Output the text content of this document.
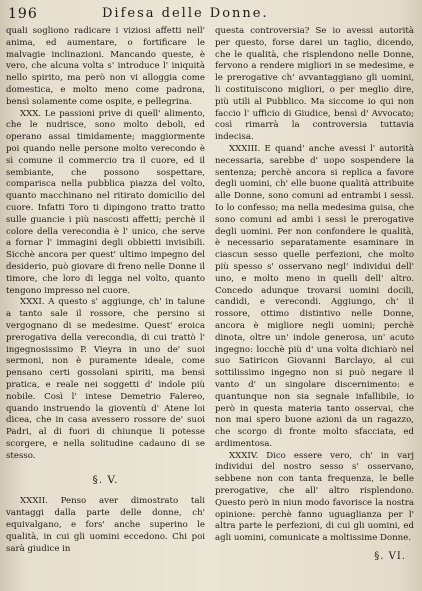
196	Difesa delle Donne.

quali sogliono radicare i viziosi affetti nell' anima, ed aumentare, o fortificare le malvagie inclinazioni. Mancando queste, è vero, che alcuna volta s' introduce l' iniquità nello spirito, ma però non vi alloggia come domestica, e molto meno come padrona, bensì solamente come ospite, e pellegrina.

XXX. Le passioni prive di quell' alimento, che le nudrisce, sono molto deboli, ed operano assai timidamente; maggiormente poi quando nelle persone molto verecondo è sì comune il commercio tra il cuore, ed il sembiante, che possono sospettare, comparisca nella pubblica piazza del volto, quanto macchinano nel ritirato domicilio del cuore. Infatti Toro ti dipingono tratto tratto sulle guancie i più nascosti affetti; perchè il colore della verecondia è l' unico, che serve a fornar l' immagini degli obbietti invisibili. Sicchè ancora per quest' ultimo impegno del desiderio, può giovare di freno nelle Donne il timore, che loro di legga nel volto, quanto tengono impresso nel cuore.

XXXI. A questo s' aggiunge, ch' in talune a tanto sale il rossore, che persino si vergognano di se medesime. Quest' eroica prerogativa della verecondia, di cui trattò l' ingegnosissimo P. Vieyra in uno de' suoi sermoni, non è puramente ideale, come pensano certi gossolani spiriti, ma bensì pratica, e reale nei soggetti d' indole più nobile. Così l' intese Demetrio Falereo, quando instruendo la gioventù d' Atene loi dicea, che in casa avessero rossore de' suoi Padri, al di fuori di chiunque li potesse scorgere, e nella solitudine cadauno di se stesso.

§. V.

XXXII. Penso aver dimostrato tali vantaggi dalla parte delle donne, ch' equivalgano, e fors' anche superino le qualità, in cui gli uomini eccedono. Chi poi sarà giudice in

questa controversia? Se io avessi autorità per questo, forse darei un taglio, dicendo, che le qualità, che risplendono nelle Donne, fervono a rendere migliori in se medesime, e le prerogative ch' avvantaggiano gli uomini, li costituiscono migliori, o per meglio dire, più utili al Pubblico. Ma siccome io qui non faccio l' ufficio di Giudice, bensì d' Avvocato; così rimarrà la controversia tuttavia indecisa.

XXXIII. E quand' anche avessi l' autorità necessaria, sarebbe d' uopo sospendere la sentenza; perchè ancora si replica a favore degli uomini, ch' elle buone qualità attribuite alle Donne, sono comuni ad entrambi i sessi. Io lo confesso; ma nella medesima guisa, che sono comuni ad ambi i sessi le prerogative degli uomini. Per non confondere le qualità, è necessario separatamente esaminare in ciascun sesso quelle perfezioni, che molto più spesso s' osservano negl' individui dell' uno, e molto meno in quelli dell' altro. Concedo adunque trovarsi uomini docili, candidi, e verecondi. Aggiungo, ch' il rossore, ottimo distintivo nelle Donne, ancora è migliore negli uomini; perchè dinota, oltre un' indole generosa, un' acuto ingegno: locchè più d' una volta dichiarò nel suo Satiricon Giovanni Barclayo, al cui sottilissimo ingegno non si può negare il vanto d' un singolare discernimento: e quantunque non sia segnale infallibile, io però in questa materia tanto osservai, che non mai spero buone azioni da un ragazzo, che scorgo di fronte molto sfacciata, ed ardimentosa.

XXXIV. Dico essere vero, ch' in varj individui del nostro sesso s' osservano, sebbene non con tanta frequenza, le belle prerogative, che all' altro risplendono. Questo però in niun modo favorisce la nostra opinione: perchè fanno uguaglianza per l' altra parte le perfezioni, di cui gli uomini, ed agli uomini, comunicate a moltissime Donne.

§. VI.
